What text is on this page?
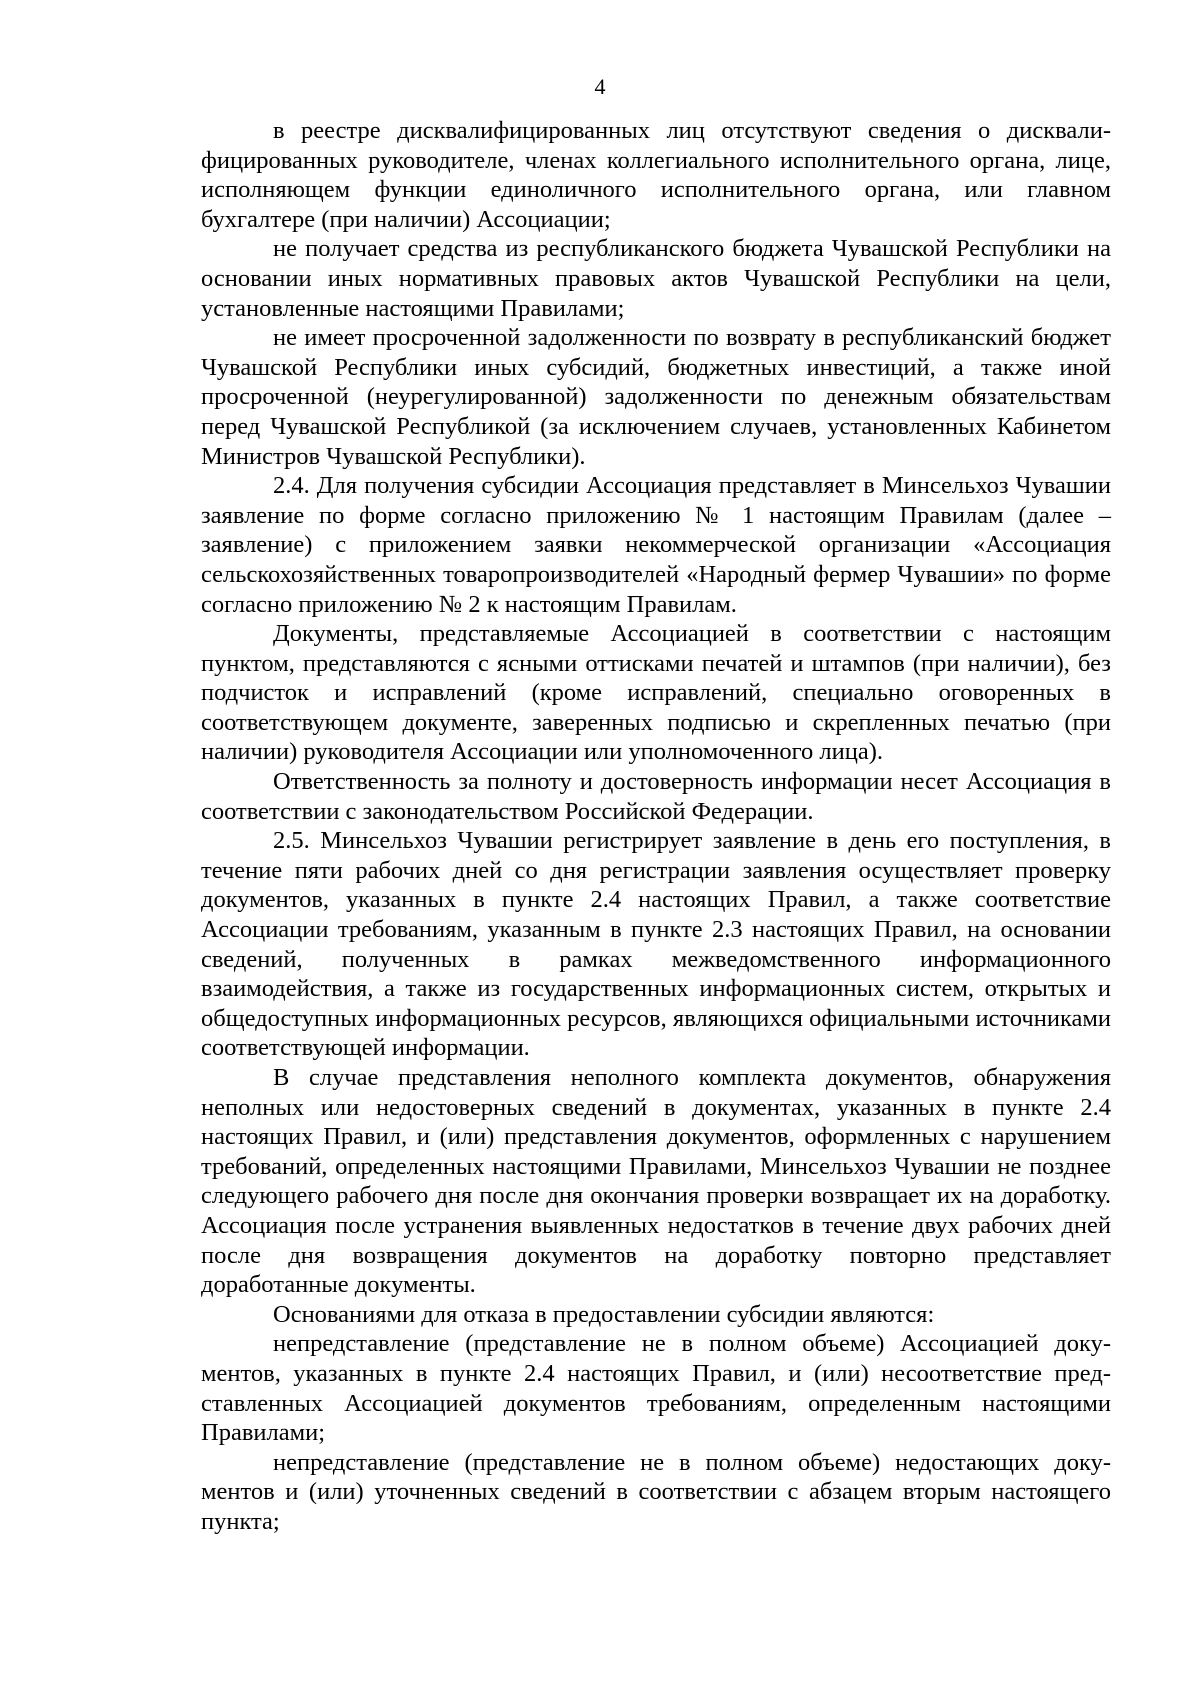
4

в реестре дисквалифицированных лиц отсутствуют сведения о дисквалифицированных руководителе, членах коллегиального исполнительного органа, лице, исполняющем функции единоличного исполнительного органа, или главном бухгалтере (при наличии) Ассоциации;

не получает средства из республиканского бюджета Чувашской Республики на основании иных нормативных правовых актов Чувашской Республики на цели, установленные настоящими Правилами;

не имеет просроченной задолженности по возврату в республиканский бюджет Чувашской Республики иных субсидий, бюджетных инвестиций, а также иной просроченной (неурегулированной) задолженности по денежным обязательствам перед Чувашской Республикой (за исключением случаев, установленных Кабинетом Министров Чувашской Республики).

2.4. Для получения субсидии Ассоциация представляет в Минсельхоз Чувашии заявление по форме согласно приложению № 1 настоящим Правилам (далее – заявление) с приложением заявки некоммерческой организации «Ассоциация сельскохозяйственных товаропроизводителей «Народный фермер Чувашии» по форме согласно приложению № 2 к настоящим Правилам.

Документы, представляемые Ассоциацией в соответствии с настоящим пунктом, представляются с ясными оттисками печатей и штампов (при наличии), без подчисток и исправлений (кроме исправлений, специально оговоренных в соответствующем документе, заверенных подписью и скрепленных печатью (при наличии) руководителя Ассоциации или уполномоченного лица).

Ответственность за полноту и достоверность информации несет Ассоциация в соответствии с законодательством Российской Федерации.

2.5. Минсельхоз Чувашии регистрирует заявление в день его поступления, в течение пяти рабочих дней со дня регистрации заявления осуществляет проверку документов, указанных в пункте 2.4 настоящих Правил, а также соответствие Ассоциации требованиям, указанным в пункте 2.3 настоящих Правил, на основании сведений, полученных в рамках межведомственного информационного взаимодействия, а также из государственных информационных систем, открытых и общедоступных информационных ресурсов, являющихся официальными источниками соответствующей информации.

В случае представления неполного комплекта документов, обнаружения неполных или недостоверных сведений в документах, указанных в пункте 2.4 настоящих Правил, и (или) представления документов, оформленных с нарушением требований, определенных настоящими Правилами, Минсельхоз Чувашии не позднее следующего рабочего дня после дня окончания проверки возвращает их на доработку. Ассоциация после устранения выявленных недостатков в течение двух рабочих дней после дня возвращения документов на доработку повторно представляет доработанные документы.

Основаниями для отказа в предоставлении субсидии являются:

непредставление (представление не в полном объеме) Ассоциацией документов, указанных в пункте 2.4 настоящих Правил, и (или) несоответствие представленных Ассоциацией документов требованиям, определенным настоящими Правилами;

непредставление (представление не в полном объеме) недостающих документов и (или) уточненных сведений в соответствии с абзацем вторым настоящего пункта;
